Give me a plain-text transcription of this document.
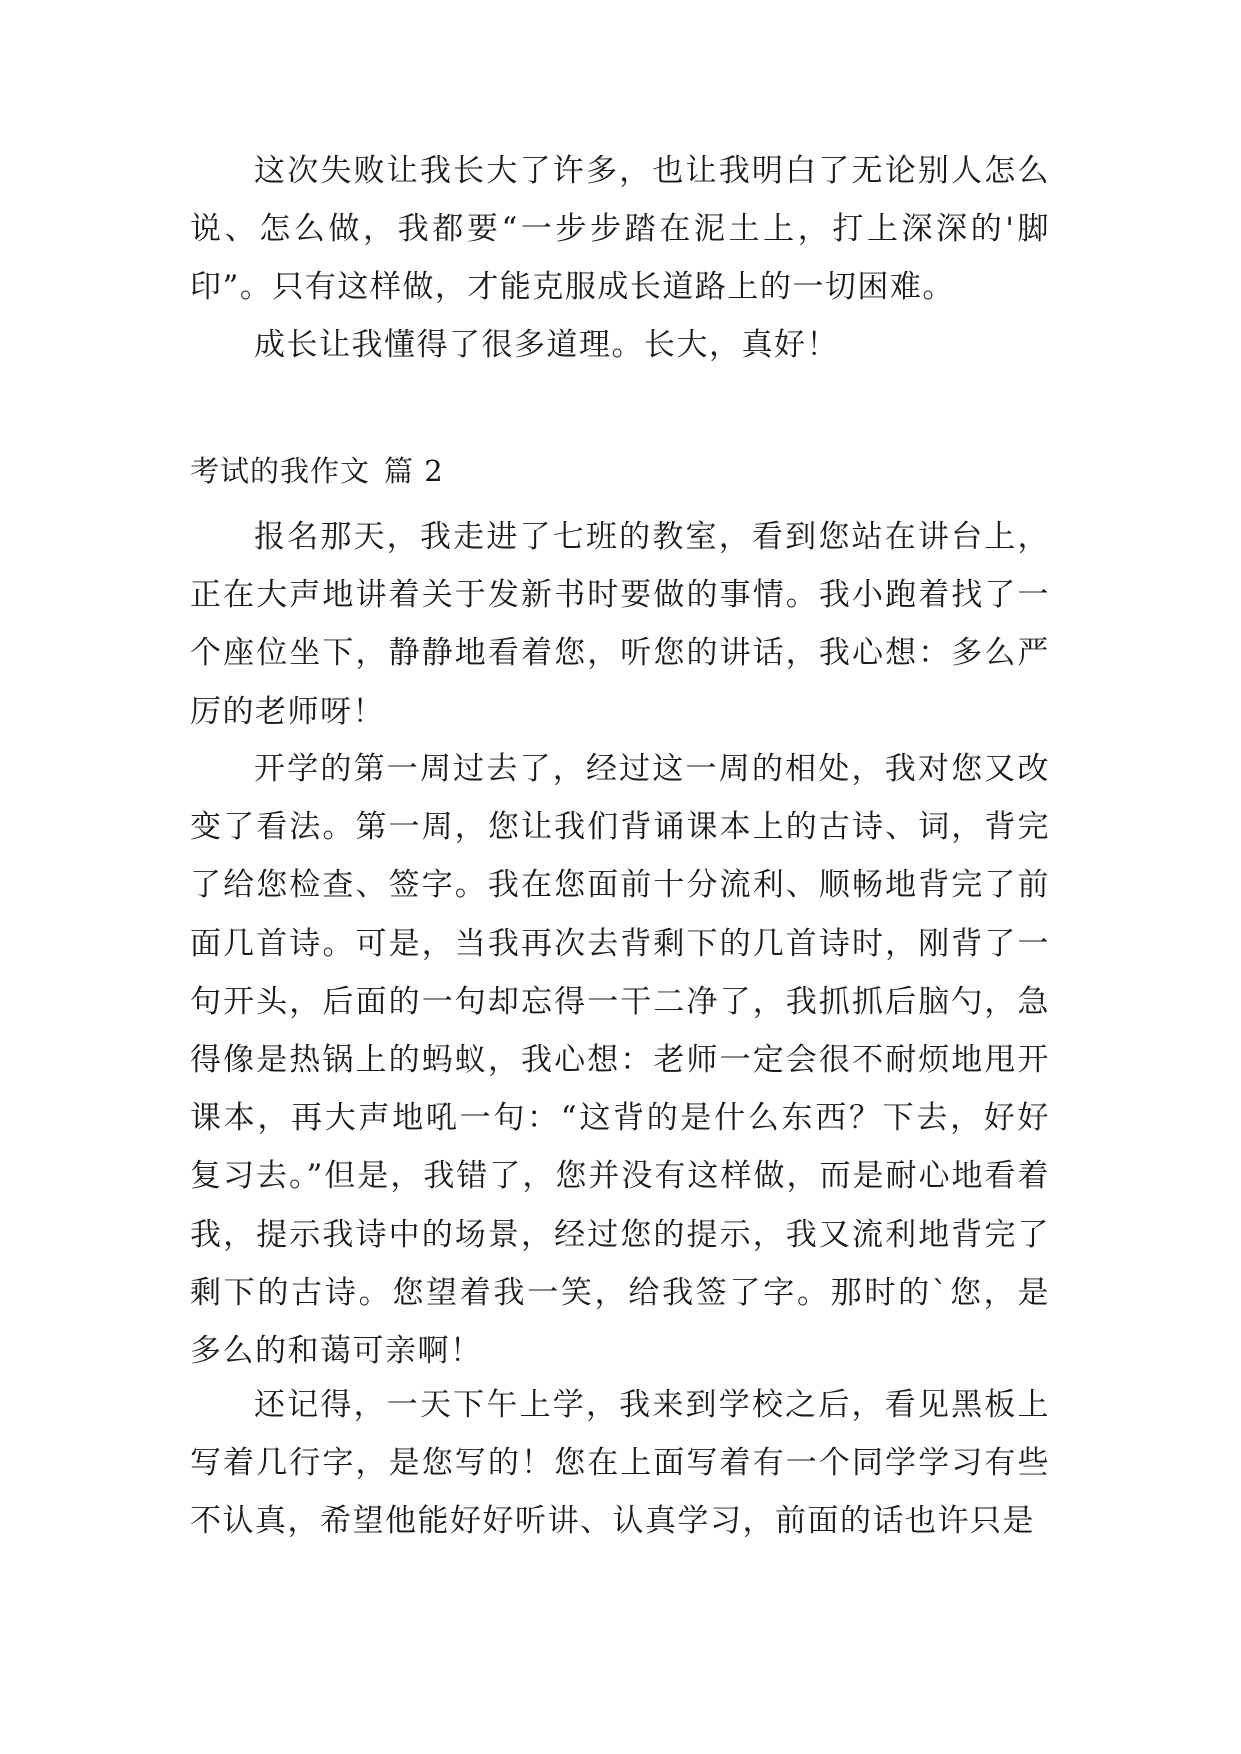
这次失败让我长大了许多，也让我明白了无论别人怎么说、怎么做，我都要“一步步踏在泥土上，打上深深的'脚印”。只有这样做，才能克服成长道路上的一切困难。

成长让我懂得了很多道理。长大，真好！

考试的我作文 篇 2

报名那天，我走进了七班的教室，看到您站在讲台上，正在大声地讲着关于发新书时要做的事情。我小跑着找了一个座位坐下，静静地看着您，听您的讲话，我心想：多么严厉的老师呀！

开学的第一周过去了，经过这一周的相处，我对您又改变了看法。第一周，您让我们背诵课本上的古诗、词，背完了给您检查、签字。我在您面前十分流利、顺畅地背完了前面几首诗。可是，当我再次去背剩下的几首诗时，刚背了一句开头，后面的一句却忘得一干二净了，我抓抓后脑勺，急得像是热锅上的蚂蚁，我心想：老师一定会很不耐烦地甩开课本，再大声地吼一句：“这背的是什么东西？下去，好好复习去。”但是，我错了，您并没有这样做，而是耐心地看着我，提示我诗中的场景，经过您的提示，我又流利地背完了剩下的古诗。您望着我一笑，给我签了字。那时的`您，是多么的和蔼可亲啊！

还记得，一天下午上学，我来到学校之后，看见黑板上写着几行字，是您写的！您在上面写着有一个同学学习有些不认真，希望他能好好听讲、认真学习，前面的话也许只是
